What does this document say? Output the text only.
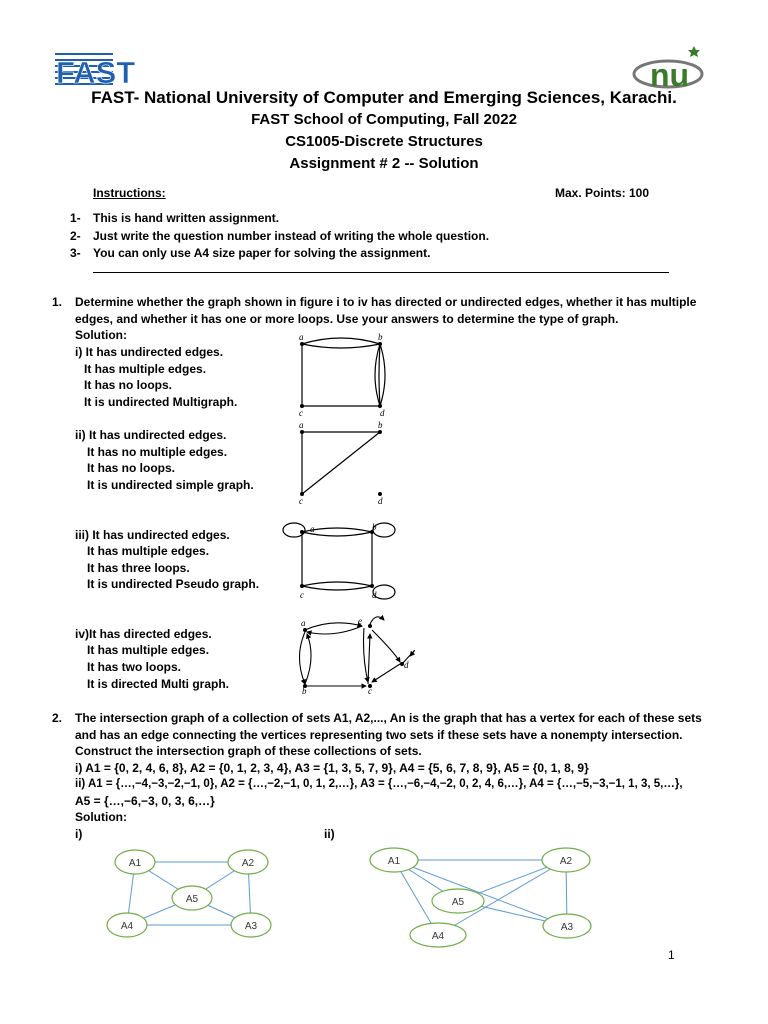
FAST	nu
FAST- National University of Computer and Emerging Sciences, Karachi.
FAST School of Computing, Fall 2022
CS1005-Discrete Structures
Assignment # 2 -- Solution
Instructions:	Max. Points: 100
1- This is hand written assignment.
2- Just write the question number instead of writing the whole question.
3- You can only use A4 size paper for solving the assignment.
1. Determine whether the graph shown in figure i to iv has directed or undirected edges, whether it has multiple
edges, and whether it has one or more loops. Use your answers to determine the type of graph.
Solution:
i) It has undirected edges.
It has multiple edges.
It has no loops.
It is undirected Multigraph.
ii) It has undirected edges.
It has no multiple edges.
It has no loops.
It is undirected simple graph.
iii) It has undirected edges.
It has multiple edges.
It has three loops.
It is undirected Pseudo graph.
iv)It has directed edges.
It has multiple edges.
It has two loops.
It is directed Multi graph.
a	b
c	d
a	b
c	d
a	b
c	d
a	e
d
b	c
2. The intersection graph of a collection of sets A1, A2,..., An is the graph that has a vertex for each of these sets
and has an edge connecting the vertices representing two sets if these sets have a nonempty intersection.
Construct the intersection graph of these collections of sets.
i) A1 = {0, 2, 4, 6, 8}, A2 = {0, 1, 2, 3, 4}, A3 = {1, 3, 5, 7, 9}, A4 = {5, 6, 7, 8, 9}, A5 = {0, 1, 8, 9}
ii) A1 = {…,−4,−3,−2,−1, 0}, A2 = {…,−2,−1, 0, 1, 2,…}, A3 = {…,−6,−4,−2, 0, 2, 4, 6,…}, A4 = {…,−5,−3,−1, 1, 3, 5,…},
A5 = {…,−6,−3, 0, 3, 6,…}
Solution:
i)	ii)
A1	A2
A5
A4	A3
A1	A2
A5
A3
A4
1
